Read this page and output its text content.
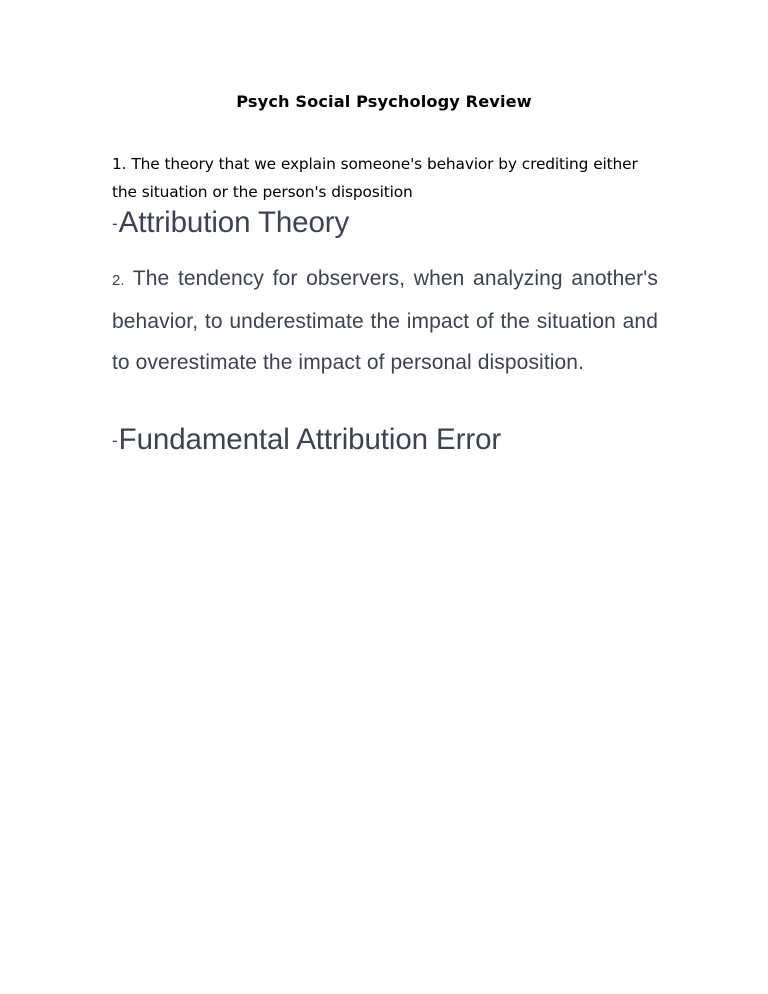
Psych Social Psychology Review

1. The theory that we explain someone's behavior by crediting either the situation or the person's disposition

-Attribution Theory

2. The tendency for observers, when analyzing another's behavior, to underestimate the impact of the situation and to overestimate the impact of personal disposition.

-Fundamental Attribution Error
